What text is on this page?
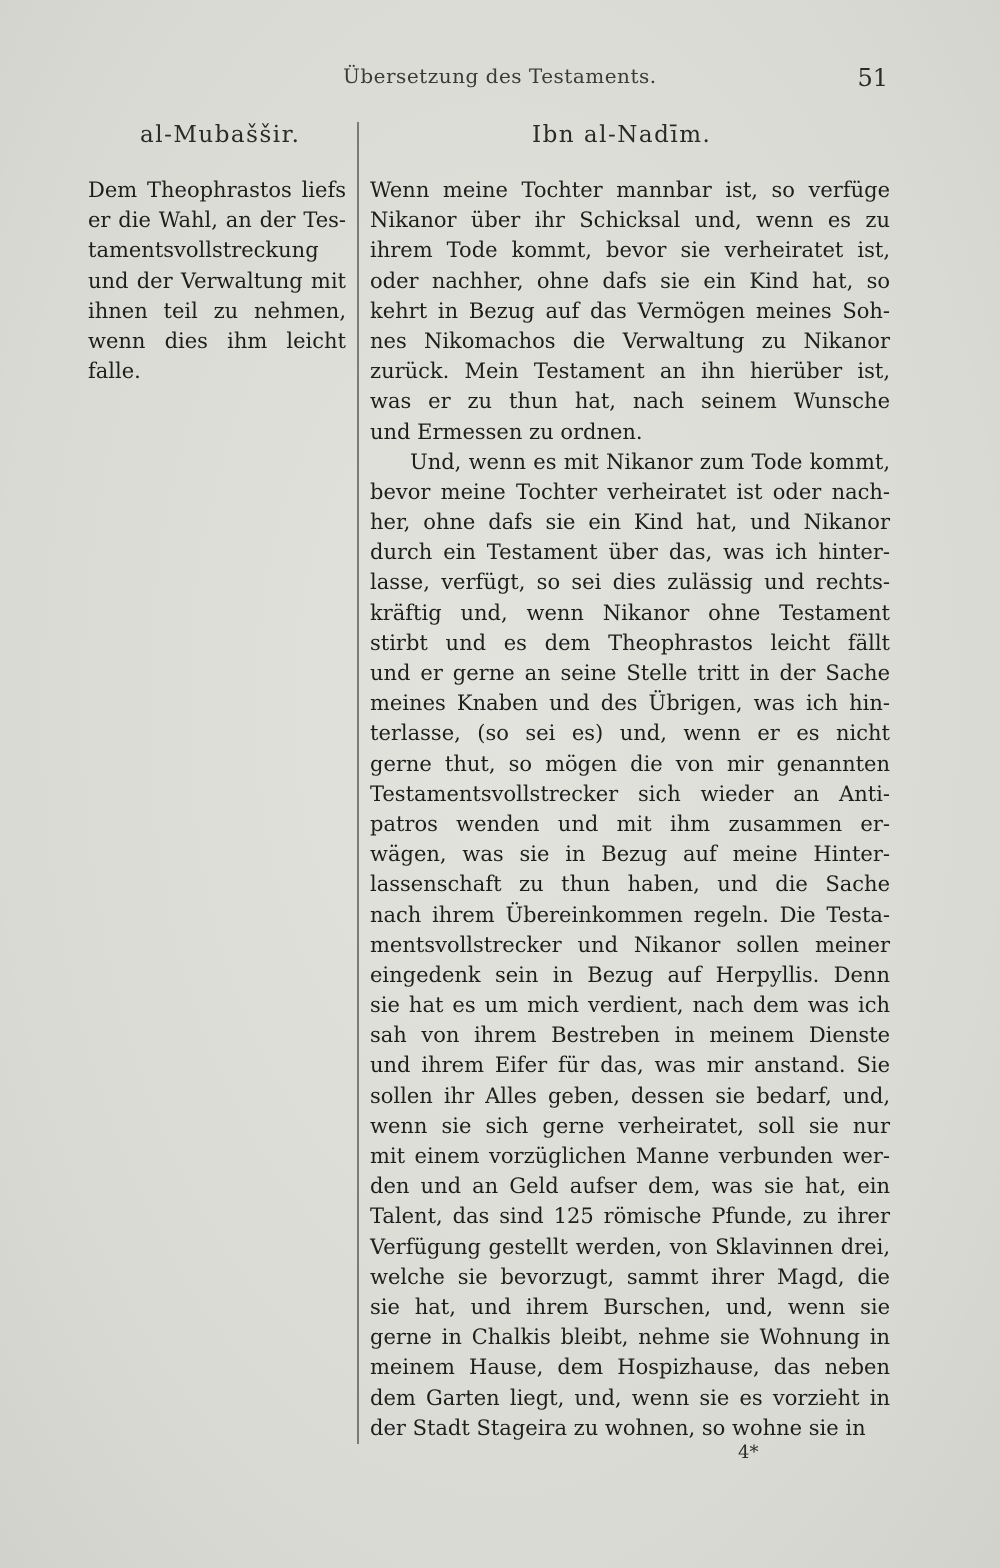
Übersetzung des Testaments.	51
al-Mubaššir.	Ibn al-Nadīm.
Dem Theophrastos liefs
er die Wahl, an der Tes-
tamentsvollstreckung
und der Verwaltung mit
ihnen teil zu nehmen,
wenn dies ihm leicht
falle.
Wenn meine Tochter mannbar ist, so verfüge
Nikanor über ihr Schicksal und, wenn es zu
ihrem Tode kommt, bevor sie verheiratet ist,
oder nachher, ohne dafs sie ein Kind hat, so
kehrt in Bezug auf das Vermögen meines Soh-
nes Nikomachos die Verwaltung zu Nikanor
zurück. Mein Testament an ihn hierüber ist,
was er zu thun hat, nach seinem Wunsche
und Ermessen zu ordnen.
Und, wenn es mit Nikanor zum Tode kommt,
bevor meine Tochter verheiratet ist oder nach-
her, ohne dafs sie ein Kind hat, und Nikanor
durch ein Testament über das, was ich hinter-
lasse, verfügt, so sei dies zulässig und rechts-
kräftig und, wenn Nikanor ohne Testament
stirbt und es dem Theophrastos leicht fällt
und er gerne an seine Stelle tritt in der Sache
meines Knaben und des Übrigen, was ich hin-
terlasse, (so sei es) und, wenn er es nicht
gerne thut, so mögen die von mir genannten
Testamentsvollstrecker sich wieder an Anti-
patros wenden und mit ihm zusammen er-
wägen, was sie in Bezug auf meine Hinter-
lassenschaft zu thun haben, und die Sache
nach ihrem Übereinkommen regeln. Die Testa-
mentsvollstrecker und Nikanor sollen meiner
eingedenk sein in Bezug auf Herpyllis. Denn
sie hat es um mich verdient, nach dem was ich
sah von ihrem Bestreben in meinem Dienste
und ihrem Eifer für das, was mir anstand. Sie
sollen ihr Alles geben, dessen sie bedarf, und,
wenn sie sich gerne verheiratet, soll sie nur
mit einem vorzüglichen Manne verbunden wer-
den und an Geld aufser dem, was sie hat, ein
Talent, das sind 125 römische Pfunde, zu ihrer
Verfügung gestellt werden, von Sklavinnen drei,
welche sie bevorzugt, sammt ihrer Magd, die
sie hat, und ihrem Burschen, und, wenn sie
gerne in Chalkis bleibt, nehme sie Wohnung in
meinem Hause, dem Hospizhause, das neben
dem Garten liegt, und, wenn sie es vorzieht in
der Stadt Stageira zu wohnen, so wohne sie in
4*
